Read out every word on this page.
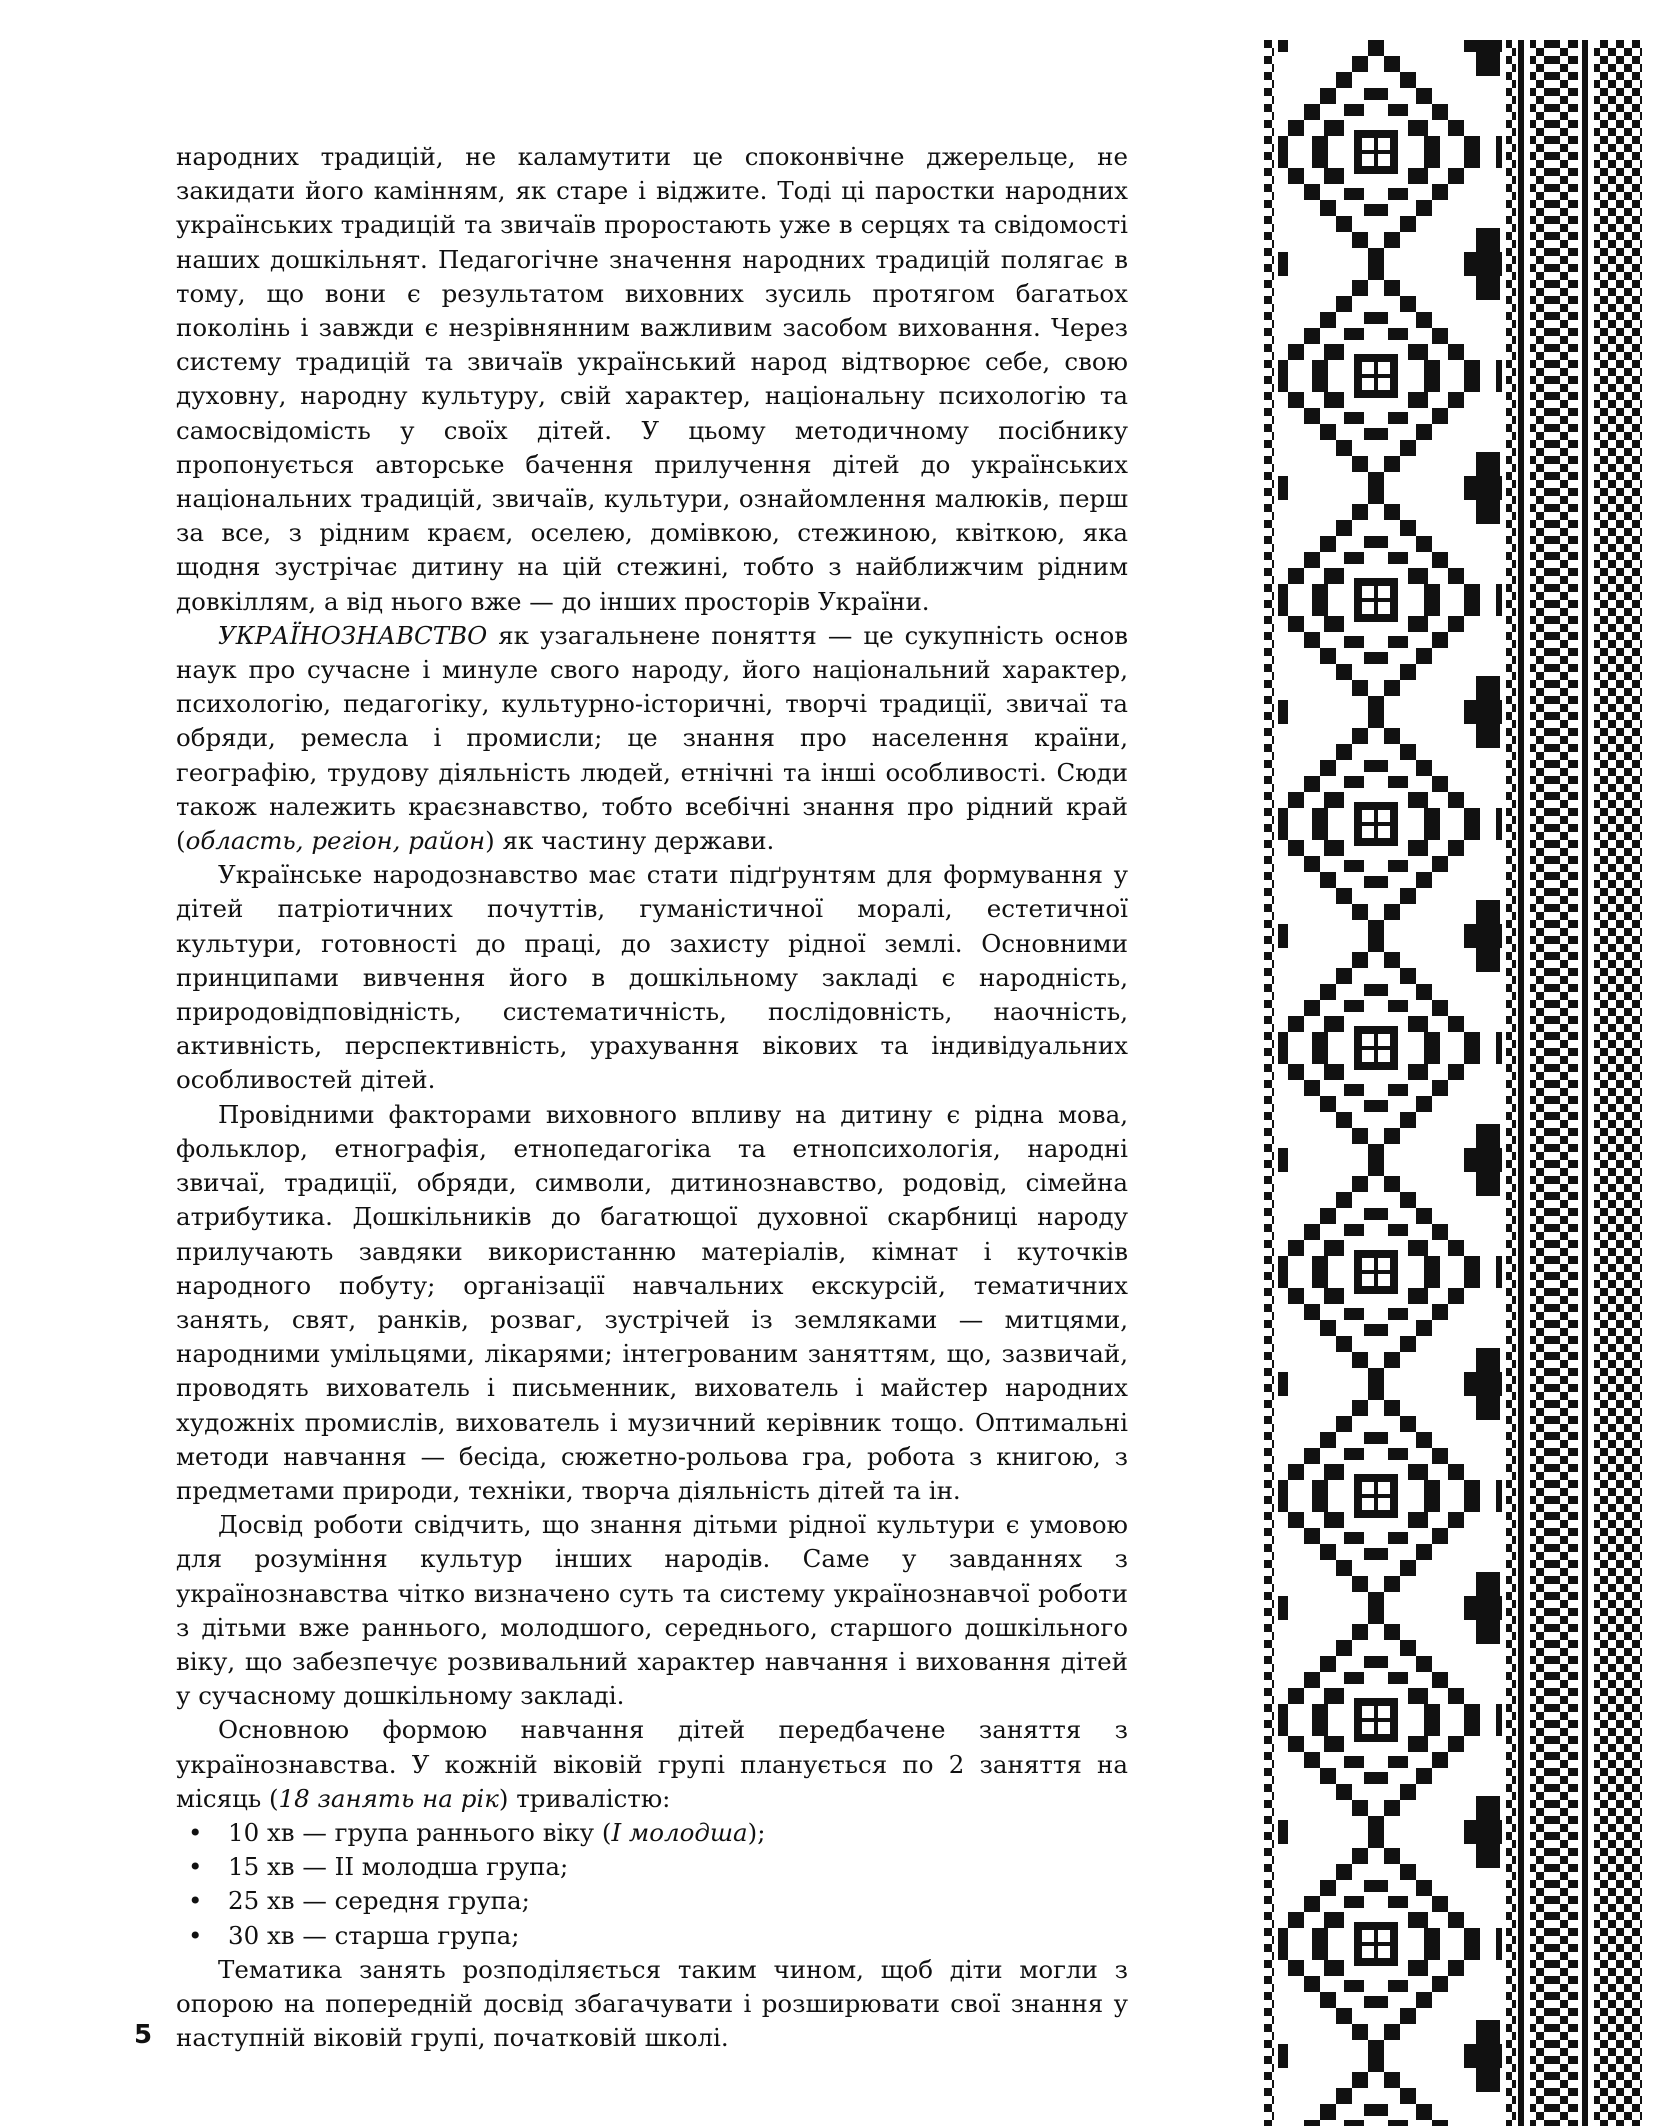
народних традицій, не каламутити це споконвічне джерельце, не закидати його камінням, як старе і віджите. Тоді ці паростки народних українських традицій та звичаїв проростають уже в серцях та свідомості наших дошкільнят. Педагогічне значення народних традицій полягає в тому, що вони є результатом виховних зусиль протягом багатьох поколінь і завжди є незрівнянним важливим засобом виховання. Через систему традицій та звичаїв український народ відтворює себе, свою духовну, народну культуру, свій характер, національну психологію та самосвідомість у своїх дітей. У цьому методичному посібнику пропонується авторське бачення прилучення дітей до українських національних традицій, звичаїв, культури, ознайомлення малюків, перш за все, з рідним краєм, оселею, домівкою, стежиною, квіткою, яка щодня зустрічає дитину на цій стежині, тобто з найближчим рідним довкіллям, а від нього вже — до інших просторів України.

УКРАЇНОЗНАВСТВО як узагальнене поняття — це сукупність основ наук про сучасне і минуле свого народу, його національний характер, психологію, педагогіку, культурно-історичні, творчі традиції, звичаї та обряди, ремесла і промисли; це знання про населення країни, географію, трудову діяльність людей, етнічні та інші особливості. Сюди також належить краєзнавство, тобто всебічні знання про рідний край (область, регіон, район) як частину держави.

Українське народознавство має стати підґрунтям для формування у дітей патріотичних почуттів, гуманістичної моралі, естетичної культури, готовності до праці, до захисту рідної землі. Основними принципами вивчення його в дошкільному закладі є народність, природовідповідність, систематичність, послідовність, наочність, активність, перспективність, урахування вікових та індивідуальних особливостей дітей.

Провідними факторами виховного впливу на дитину є рідна мова, фольклор, етнографія, етнопедагогіка та етнопсихологія, народні звичаї, традиції, обряди, символи, дитинознавство, родовід, сімейна атрибутика. Дошкільників до багатющої духовної скарбниці народу прилучають завдяки використанню матеріалів, кімнат і куточків народного побуту; організації навчальних екскурсій, тематичних занять, свят, ранків, розваг, зустрічей із земляками — митцями, народними умільцями, лікарями; інтегрованим заняттям, що, зазвичай, проводять вихователь і письменник, вихователь і майстер народних художніх промислів, вихователь і музичний керівник тощо. Оптимальні методи навчання — бесіда, сюжетно-рольова гра, робота з книгою, з предметами природи, техніки, творча діяльність дітей та ін.

Досвід роботи свідчить, що знання дітьми рідної культури є умовою для розуміння культур інших народів. Саме у завданнях з українознавства чітко визначено суть та систему українознавчої роботи з дітьми вже раннього, молодшого, середнього, старшого дошкільного віку, що забезпечує розвивальний характер навчання і виховання дітей у сучасному дошкільному закладі.

Основною формою навчання дітей передбачене заняття з українознавства. У кожній віковій групі планується по 2 заняття на місяць (18 занять на рік) тривалістю:

• 10 хв — група раннього віку (I молодша);
• 15 хв — II молодша група;
• 25 хв — середня група;
• 30 хв — старша група;

Тематика занять розподіляється таким чином, щоб діти могли з опорою на попередній досвід збагачувати і розширювати свої знання у наступній віковій групі, початковій школі.

5
